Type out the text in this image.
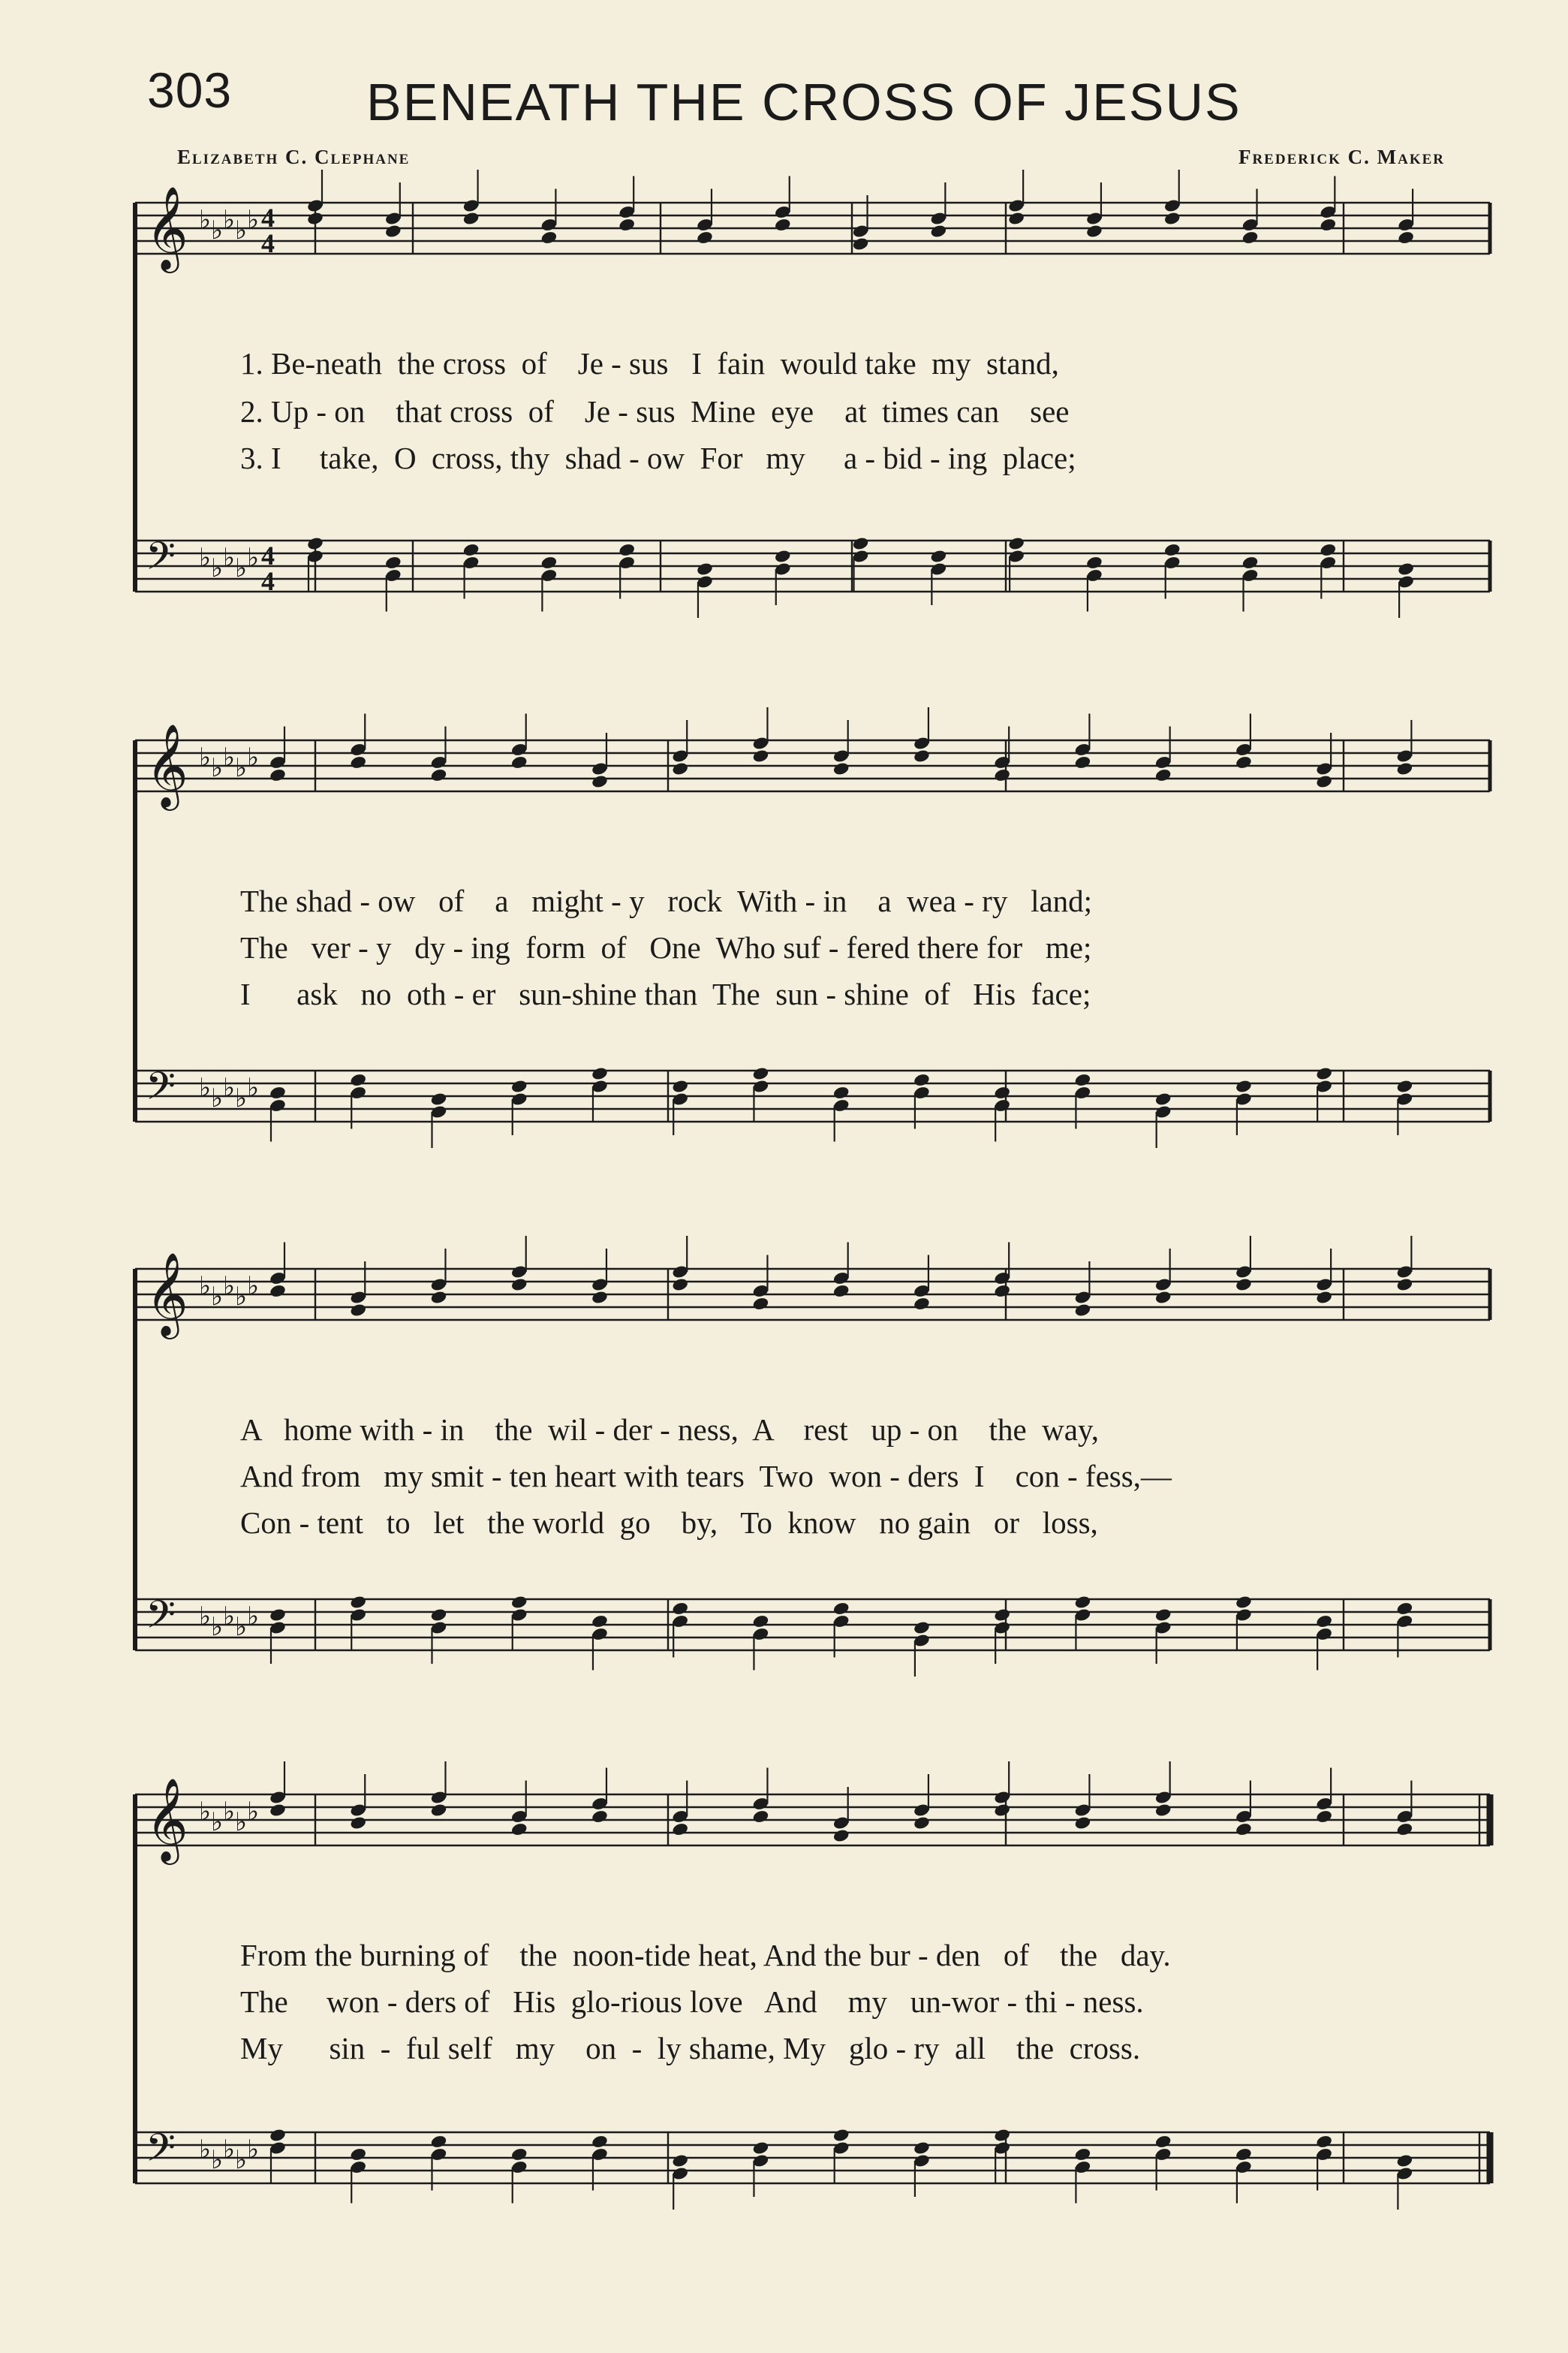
303	BENEATH THE CROSS OF JESUS
Elizabeth C. Clephane	Frederick C. Maker
𝄞 ♭ ♭ ♭ ♭ ♭ 4
4
𝄢 ♭ ♭ ♭ ♭ ♭ 4
4
𝄞 ♭ ♭ ♭ ♭ ♭
𝄢 ♭ ♭ ♭ ♭ ♭
𝄞 ♭ ♭ ♭ ♭ ♭
𝄢 ♭ ♭ ♭ ♭ ♭
𝄞 ♭ ♭ ♭ ♭ ♭
𝄢 ♭ ♭ ♭ ♭ ♭
1. Be-neath  the cross  of    Je - sus   I  fain  would take  my  stand,
2. Up - on    that cross  of    Je - sus  Mine  eye    at  times can    see
3. I     take,  O  cross, thy  shad - ow  For   my     a - bid - ing  place;
The shad - ow   of    a   might - y   rock  With - in    a  wea - ry   land;
The   ver - y   dy - ing  form  of   One  Who suf - fered there for   me;
I      ask   no  oth - er   sun-shine than  The  sun - shine  of   His  face;
A   home with - in    the  wil - der - ness,  A    rest   up - on    the  way,
And from   my smit - ten heart with tears  Two  won - ders  I    con - fess,—
Con - tent   to   let   the world  go    by,   To  know   no gain   or   loss,
From the burning of    the  noon-tide heat, And the bur - den   of    the   day.
The     won - ders of   His  glo-rious love   And    my   un-wor - thi - ness.
My      sin  -  ful self   my    on  -  ly shame, My   glo - ry  all    the  cross.
